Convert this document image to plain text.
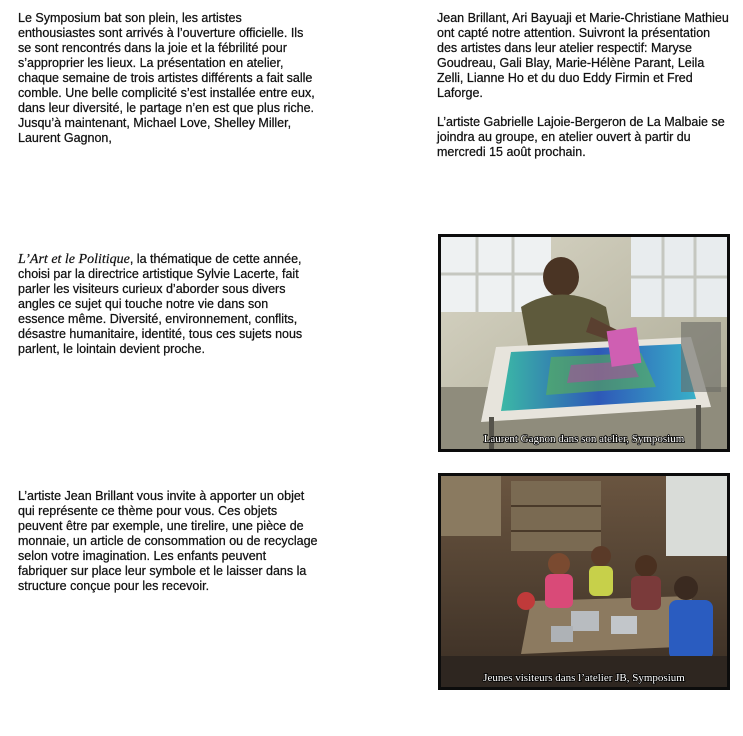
Le Symposium bat son plein, les artistes enthousiastes sont arrivés à l’ouverture officielle. Ils se sont rencontrés dans la joie et la fébrilité pour s’approprier les lieux. La présentation en atelier, chaque semaine de trois artistes différents a fait salle comble. Une belle complicité s’est installée entre eux, dans leur diversité, le partage n’en est que plus riche. Jusqu’à maintenant, Michael Love, Shelley Miller, Laurent Gagnon,

Jean Brillant, Ari Bayuaji et Marie-Christiane Mathieu ont capté notre attention. Suivront la présentation des artistes dans leur atelier respectif: Maryse Goudreau, Gali Blay, Marie-Hélène Parant, Leila Zelli, Lianne Ho et du duo Eddy Firmin et Fred Laforge.

L’artiste Gabrielle Lajoie-Bergeron de La Malbaie se joindra au groupe, en atelier ouvert à partir du mercredi 15 août prochain.

L’Art et le Politique, la thématique de cette année, choisi par la directrice artistique Sylvie Lacerte, fait parler les visiteurs curieux d’aborder sous divers angles ce sujet qui touche notre vie dans son essence même. Diversité, environnement, conflits, désastre humanitaire, identité, tous ces sujets nous parlent, le lointain devient proche.

L’artiste Jean Brillant vous invite à apporter un objet qui représente ce thème pour vous. Ces objets peuvent être par exemple, une tirelire, une pièce de monnaie, un article de consommation ou de recyclage selon votre imagination. Les enfants peuvent fabriquer sur place leur symbole et le laisser dans la structure conçue pour les recevoir.

Laurent Gagnon dans son atelier, Symposium
Jeunes visiteurs dans l’atelier JB, Symposium
